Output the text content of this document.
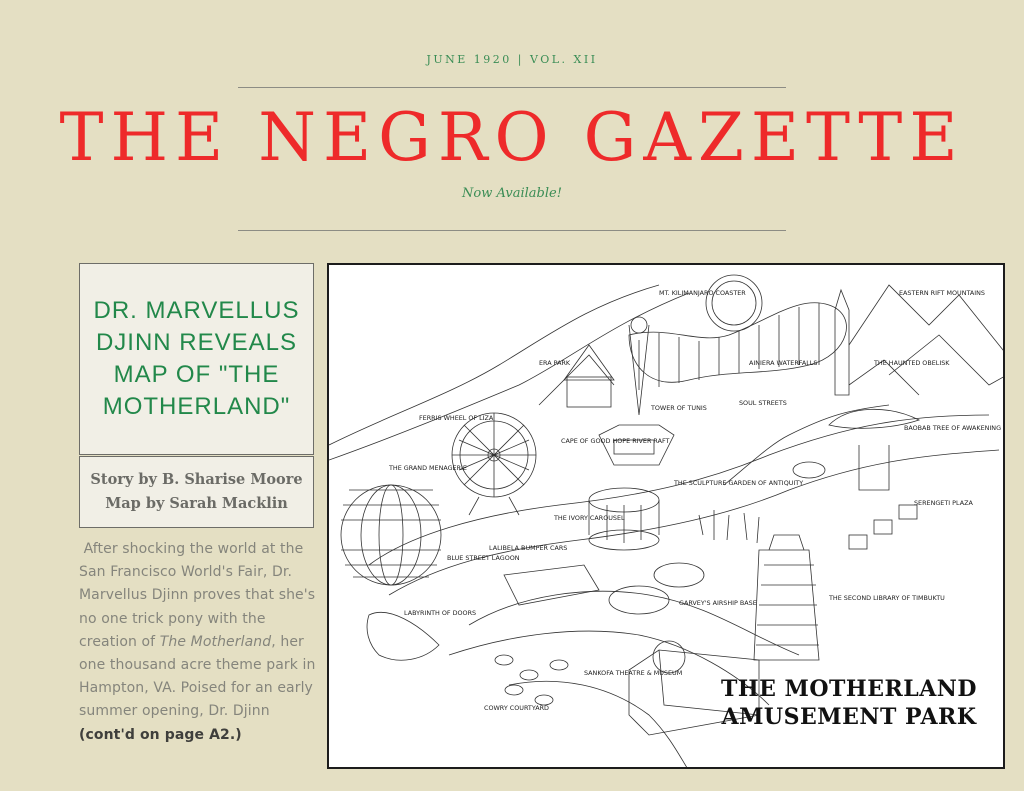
JUNE 1920 | VOL. XII
THE NEGRO GAZETTE
Now Available!
DR. MARVELLUS DJINN REVEALS MAP OF "THE MOTHERLAND"
Story by B. Sharise Moore
Map by Sarah Macklin
After shocking the world at the San Francisco World's Fair, Dr. Marvellus Djinn proves that she's no one trick pony with the creation of The Motherland, her one thousand acre theme park in Hampton, VA. Poised for an early summer opening, Dr. Djinn
(cont'd on page A2.)
MT. KILIMANJARO COASTER	EASTERN RIFT MOUNTAINS
ERA PARK	AINIERA WATERFALLS	THE HAUNTED OBELISK
TOWER OF TUNIS
SOUL STREETS
FERRIS WHEEL OF LIZA
CAPE OF GOOD HOPE RIVER RAFT
BAOBAB TREE OF AWAKENING
THE GRAND MENAGERIE
THE SCULPTURE GARDEN OF ANTIQUITY
THE IVORY CAROUSEL
SERENGETI PLAZA
LALIBELA BUMPER CARS
BLUE STREET LAGOON
LABYRINTH OF DOORS
GARVEY'S AIRSHIP BASE
THE SECOND LIBRARY OF TIMBUKTU
SANKOFA THEATRE & MUSEUM
COWRY COURTYARD
THE MOTHERLAND
AMUSEMENT PARK
